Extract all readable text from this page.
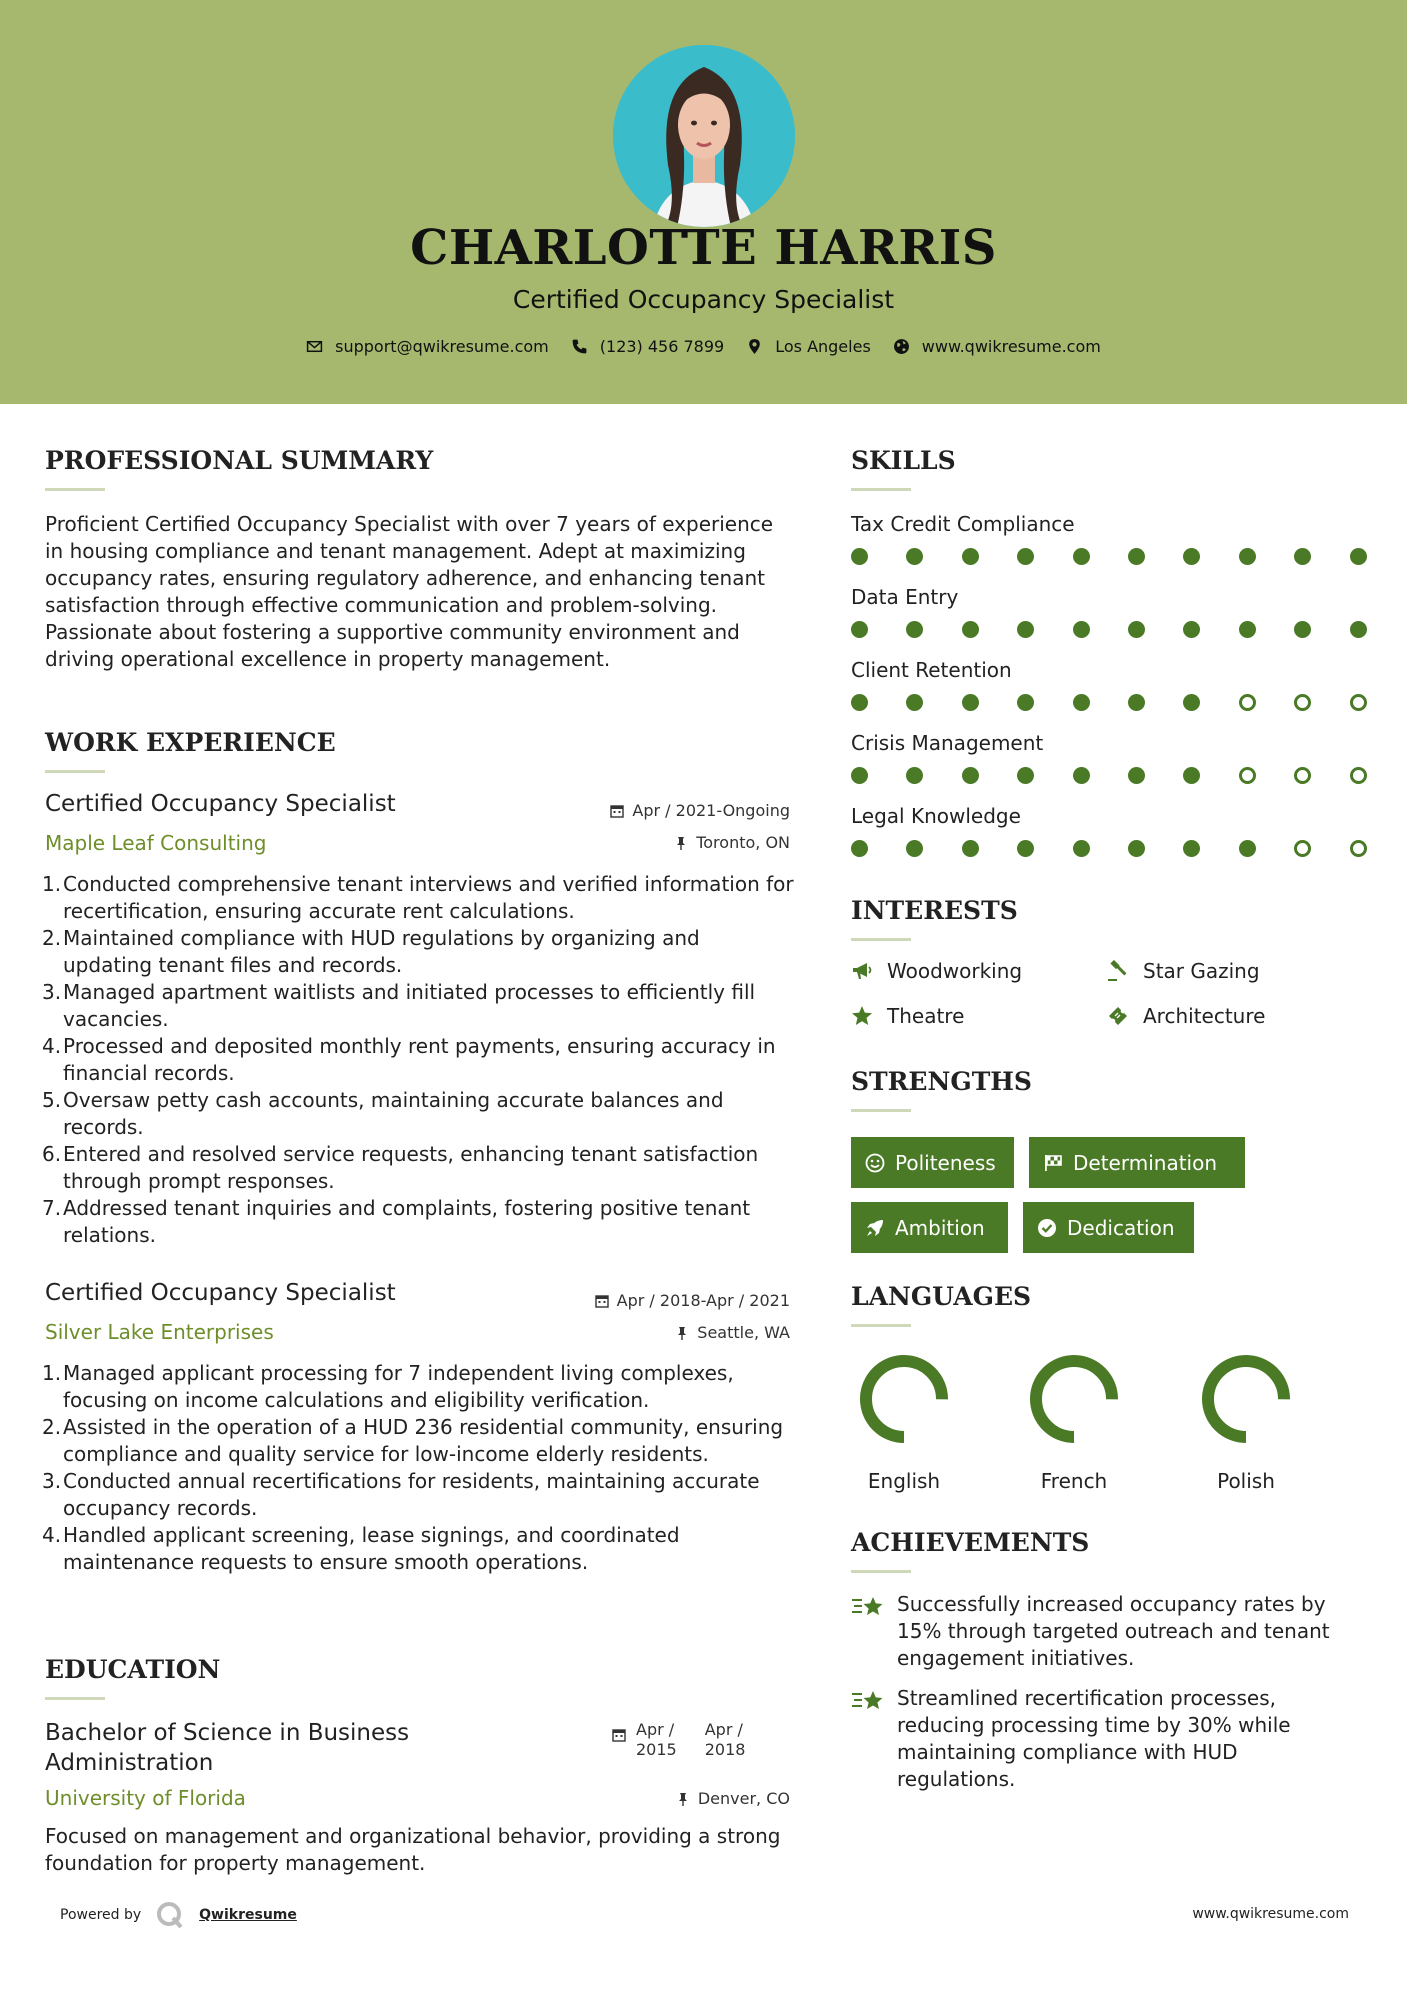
CHARLOTTE HARRIS
Certified Occupancy Specialist
support@qwikresume.com	(123) 456 7899	Los Angeles	www.qwikresume.com
PROFESSIONAL SUMMARY
Proficient Certified Occupancy Specialist with over 7 years of experience in housing compliance and tenant management. Adept at maximizing occupancy rates, ensuring regulatory adherence, and enhancing tenant satisfaction through effective communication and problem-solving. Passionate about fostering a supportive community environment and driving operational excellence in property management.
WORK EXPERIENCE
Certified Occupancy Specialist	Apr / 2021-Ongoing
Maple Leaf Consulting	Toronto, ON
1. Conducted comprehensive tenant interviews and verified information for recertification, ensuring accurate rent calculations.
2. Maintained compliance with HUD regulations by organizing and updating tenant files and records.
3. Managed apartment waitlists and initiated processes to efficiently fill vacancies.
4. Processed and deposited monthly rent payments, ensuring accuracy in financial records.
5. Oversaw petty cash accounts, maintaining accurate balances and records.
6. Entered and resolved service requests, enhancing tenant satisfaction through prompt responses.
7. Addressed tenant inquiries and complaints, fostering positive tenant relations.
Certified Occupancy Specialist	Apr / 2018-Apr / 2021
Silver Lake Enterprises	Seattle, WA
1. Managed applicant processing for 7 independent living complexes, focusing on income calculations and eligibility verification.
2. Assisted in the operation of a HUD 236 residential community, ensuring compliance and quality service for low-income elderly residents.
3. Conducted annual recertifications for residents, maintaining accurate occupancy records.
4. Handled applicant screening, lease signings, and coordinated maintenance requests to ensure smooth operations.
EDUCATION
Bachelor of Science in Business Administration
Apr /
2015
Apr /
2018
University of Florida	Denver, CO
Focused on management and organizational behavior, providing a strong foundation for property management.
SKILLS
Tax Credit Compliance
Data Entry
Client Retention
Crisis Management
Legal Knowledge
INTERESTS
Woodworking	Star Gazing
Theatre	Architecture
STRENGTHS
Politeness	Determination
Ambition	Dedication
LANGUAGES
English	French	Polish
ACHIEVEMENTS
Successfully increased occupancy rates by 15% through targeted outreach and tenant engagement initiatives.
Streamlined recertification processes, reducing processing time by 30% while maintaining compliance with HUD regulations.
Powered by	Qwikresume	www.qwikresume.com
